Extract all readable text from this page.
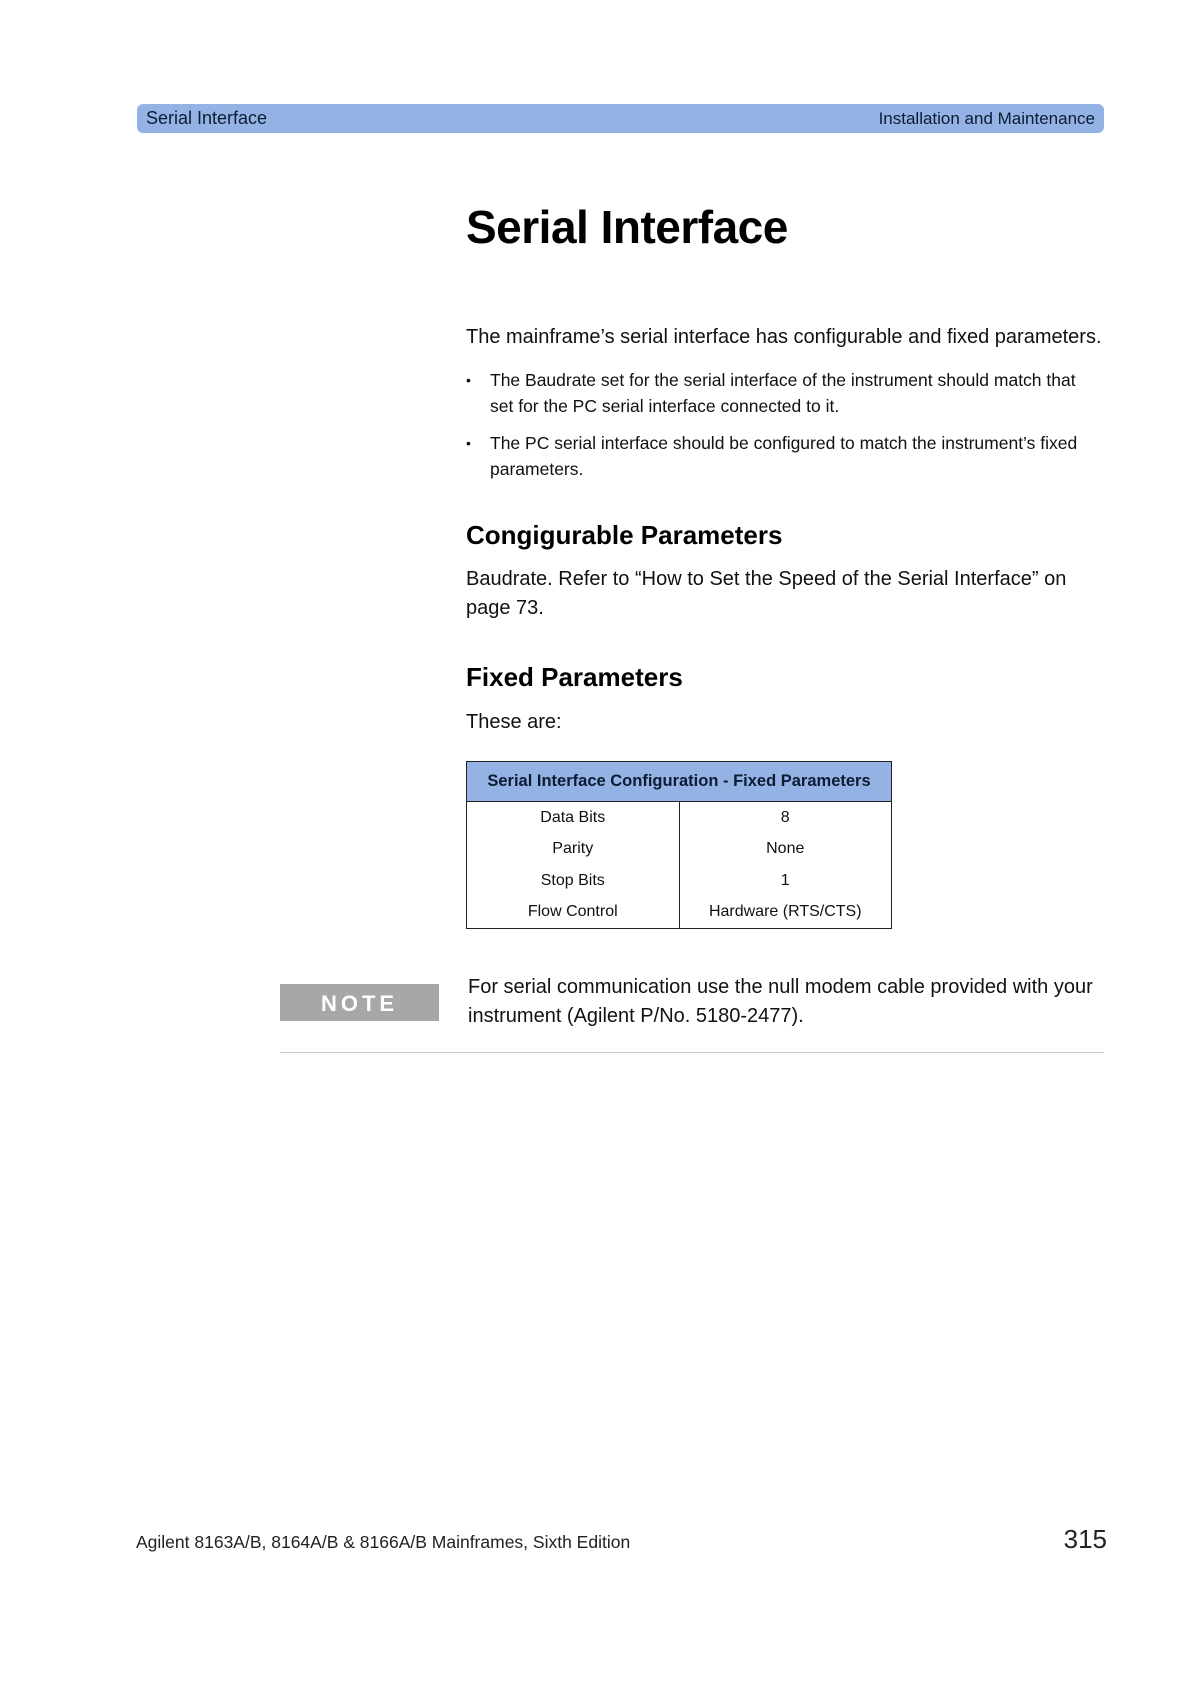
Serial Interface	Installation and Maintenance
Serial Interface

The mainframe’s serial interface has configurable and fixed parameters.

• The Baudrate set for the serial interface of the instrument should match that set for the PC serial interface connected to it.
• The PC serial interface should be configured to match the instrument’s fixed parameters.
Congigurable Parameters

Baudrate. Refer to “How to Set the Speed of the Serial Interface” on page 73.

Fixed Parameters

These are:

Serial Interface Configuration - Fixed Parameters	
Data Bits	8
Parity	None
Stop Bits	1
Flow Control	Hardware (RTS/CTS)
NOTE

For serial communication use the null modem cable provided with your instrument (Agilent P/No. 5180-2477).

Agilent 8163A/B, 8164A/B & 8166A/B Mainframes, Sixth Edition	315
